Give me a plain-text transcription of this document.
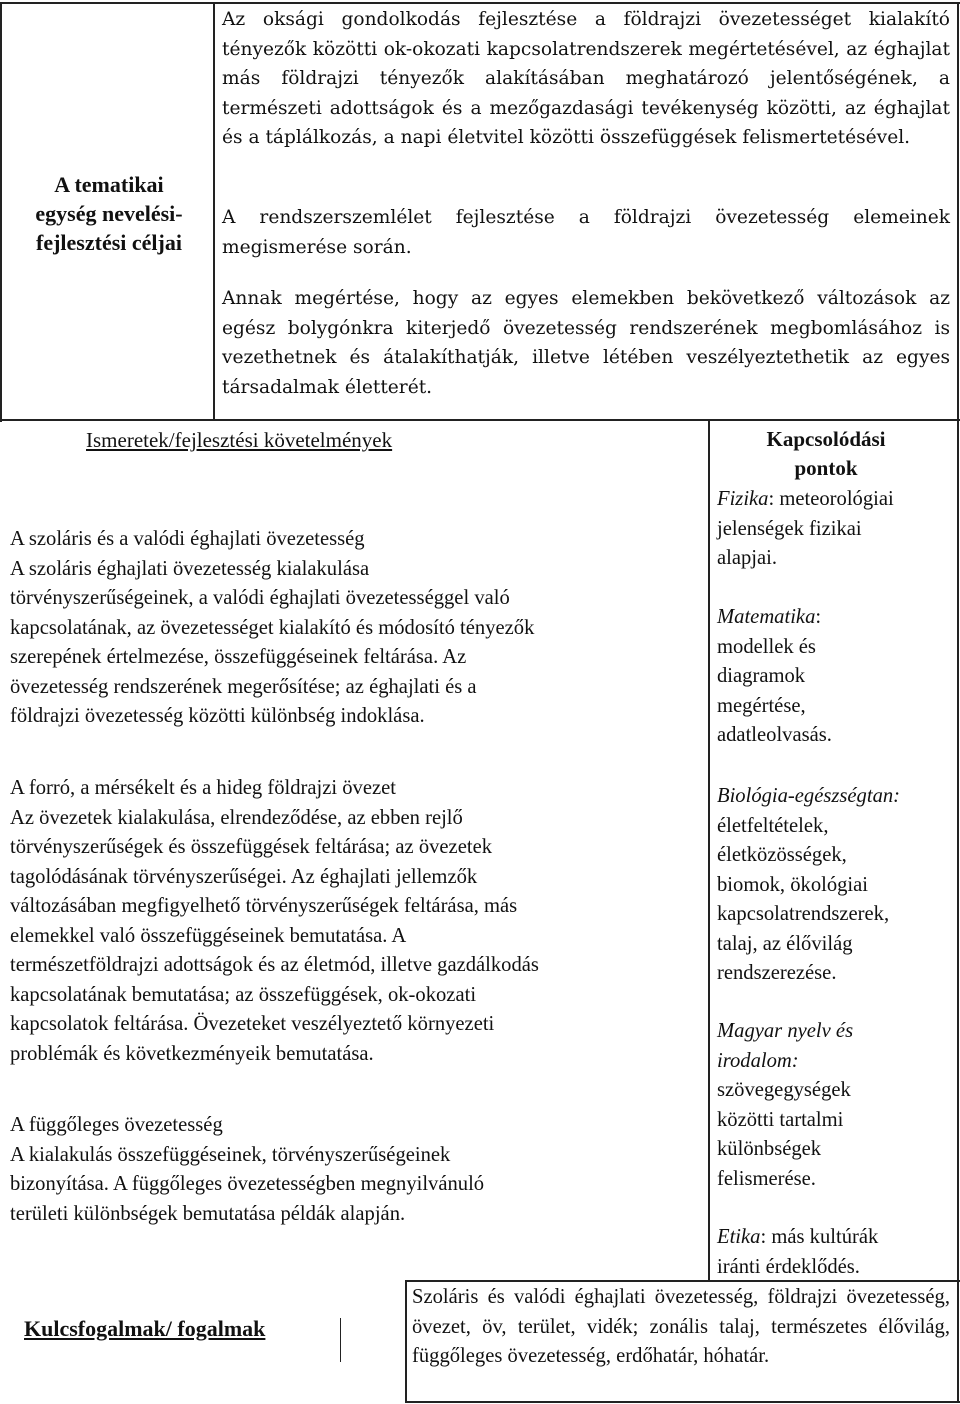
A tematikai
egység nevelési-
fejlesztési céljai

Az oksági gondolkodás fejlesztése a földrajzi övezetességet kialakító tényezők közötti ok-okozati kapcsolatrendszerek megértetésével, az éghajlat más földrajzi tényezők alakításában meghatározó jelentőségének, a természeti adottságok és a mezőgazdasági tevékenység közötti, az éghajlat és a táplálkozás, a napi életvitel közötti összefüggések felismertetésével.

A rendszerszemlélet fejlesztése a földrajzi övezetesség elemeinek megismerése során.

Annak megértése, hogy az egyes elemekben bekövetkező változások az egész bolygónkra kiterjedő övezetesség rendszerének megbomlásához is vezethetnek és átalakíthatják, illetve létében veszélyeztethetik az egyes társadalmak életterét.

Ismeretek/fejlesztési követelmények
A szoláris és a valódi éghajlati övezetesség
A szoláris éghajlati övezetesség kialakulása
törvényszerűségeinek, a valódi éghajlati övezetességgel való
kapcsolatának, az övezetességet kialakító és módosító tényezők
szerepének értelmezése, összefüggéseinek feltárása. Az
övezetesség rendszerének megerősítése; az éghajlati és a
földrajzi övezetesség közötti különbség indoklása.
A forró, a mérsékelt és a hideg földrajzi övezet
Az övezetek kialakulása, elrendeződése, az ebben rejlő
törvényszerűségek és összefüggések feltárása; az övezetek
tagolódásának törvényszerűségei. Az éghajlati jellemzők
változásában megfigyelhető törvényszerűségek feltárása, más
elemekkel való összefüggéseinek bemutatása. A
természetföldrajzi adottságok és az életmód, illetve gazdálkodás
kapcsolatának bemutatása; az összefüggések, ok-okozati
kapcsolatok feltárása. Övezeteket veszélyeztető környezeti
problémák és következményeik bemutatása.
A függőleges övezetesség
A kialakulás összefüggéseinek, törvényszerűségeinek
bizonyítása. A függőleges övezetességben megnyilvánuló
területi különbségek bemutatása példák alapján.
Kapcsolódási
pontok
Fizika: meteorológiai
jelenségek fizikai
alapjai.
Matematika:
modellek és
diagramok
megértése,
adatleolvasás.
Biológia-egészségtan:
életfeltételek,
életközösségek,
biomok, ökológiai
kapcsolatrendszerek,
talaj, az élővilág
rendszerezése.
Magyar nyelv és
irodalom:
szövegegységek
közötti tartalmi
különbségek
felismerése.
Etika: más kultúrák
iránti érdeklődés.
Kulcsfogalmak/ fogalmak

Szoláris és valódi éghajlati övezetesség, földrajzi övezetesség, övezet, öv, terület, vidék; zonális talaj, természetes élővilág, függőleges övezetesség, erdőhatár, hóhatár.
